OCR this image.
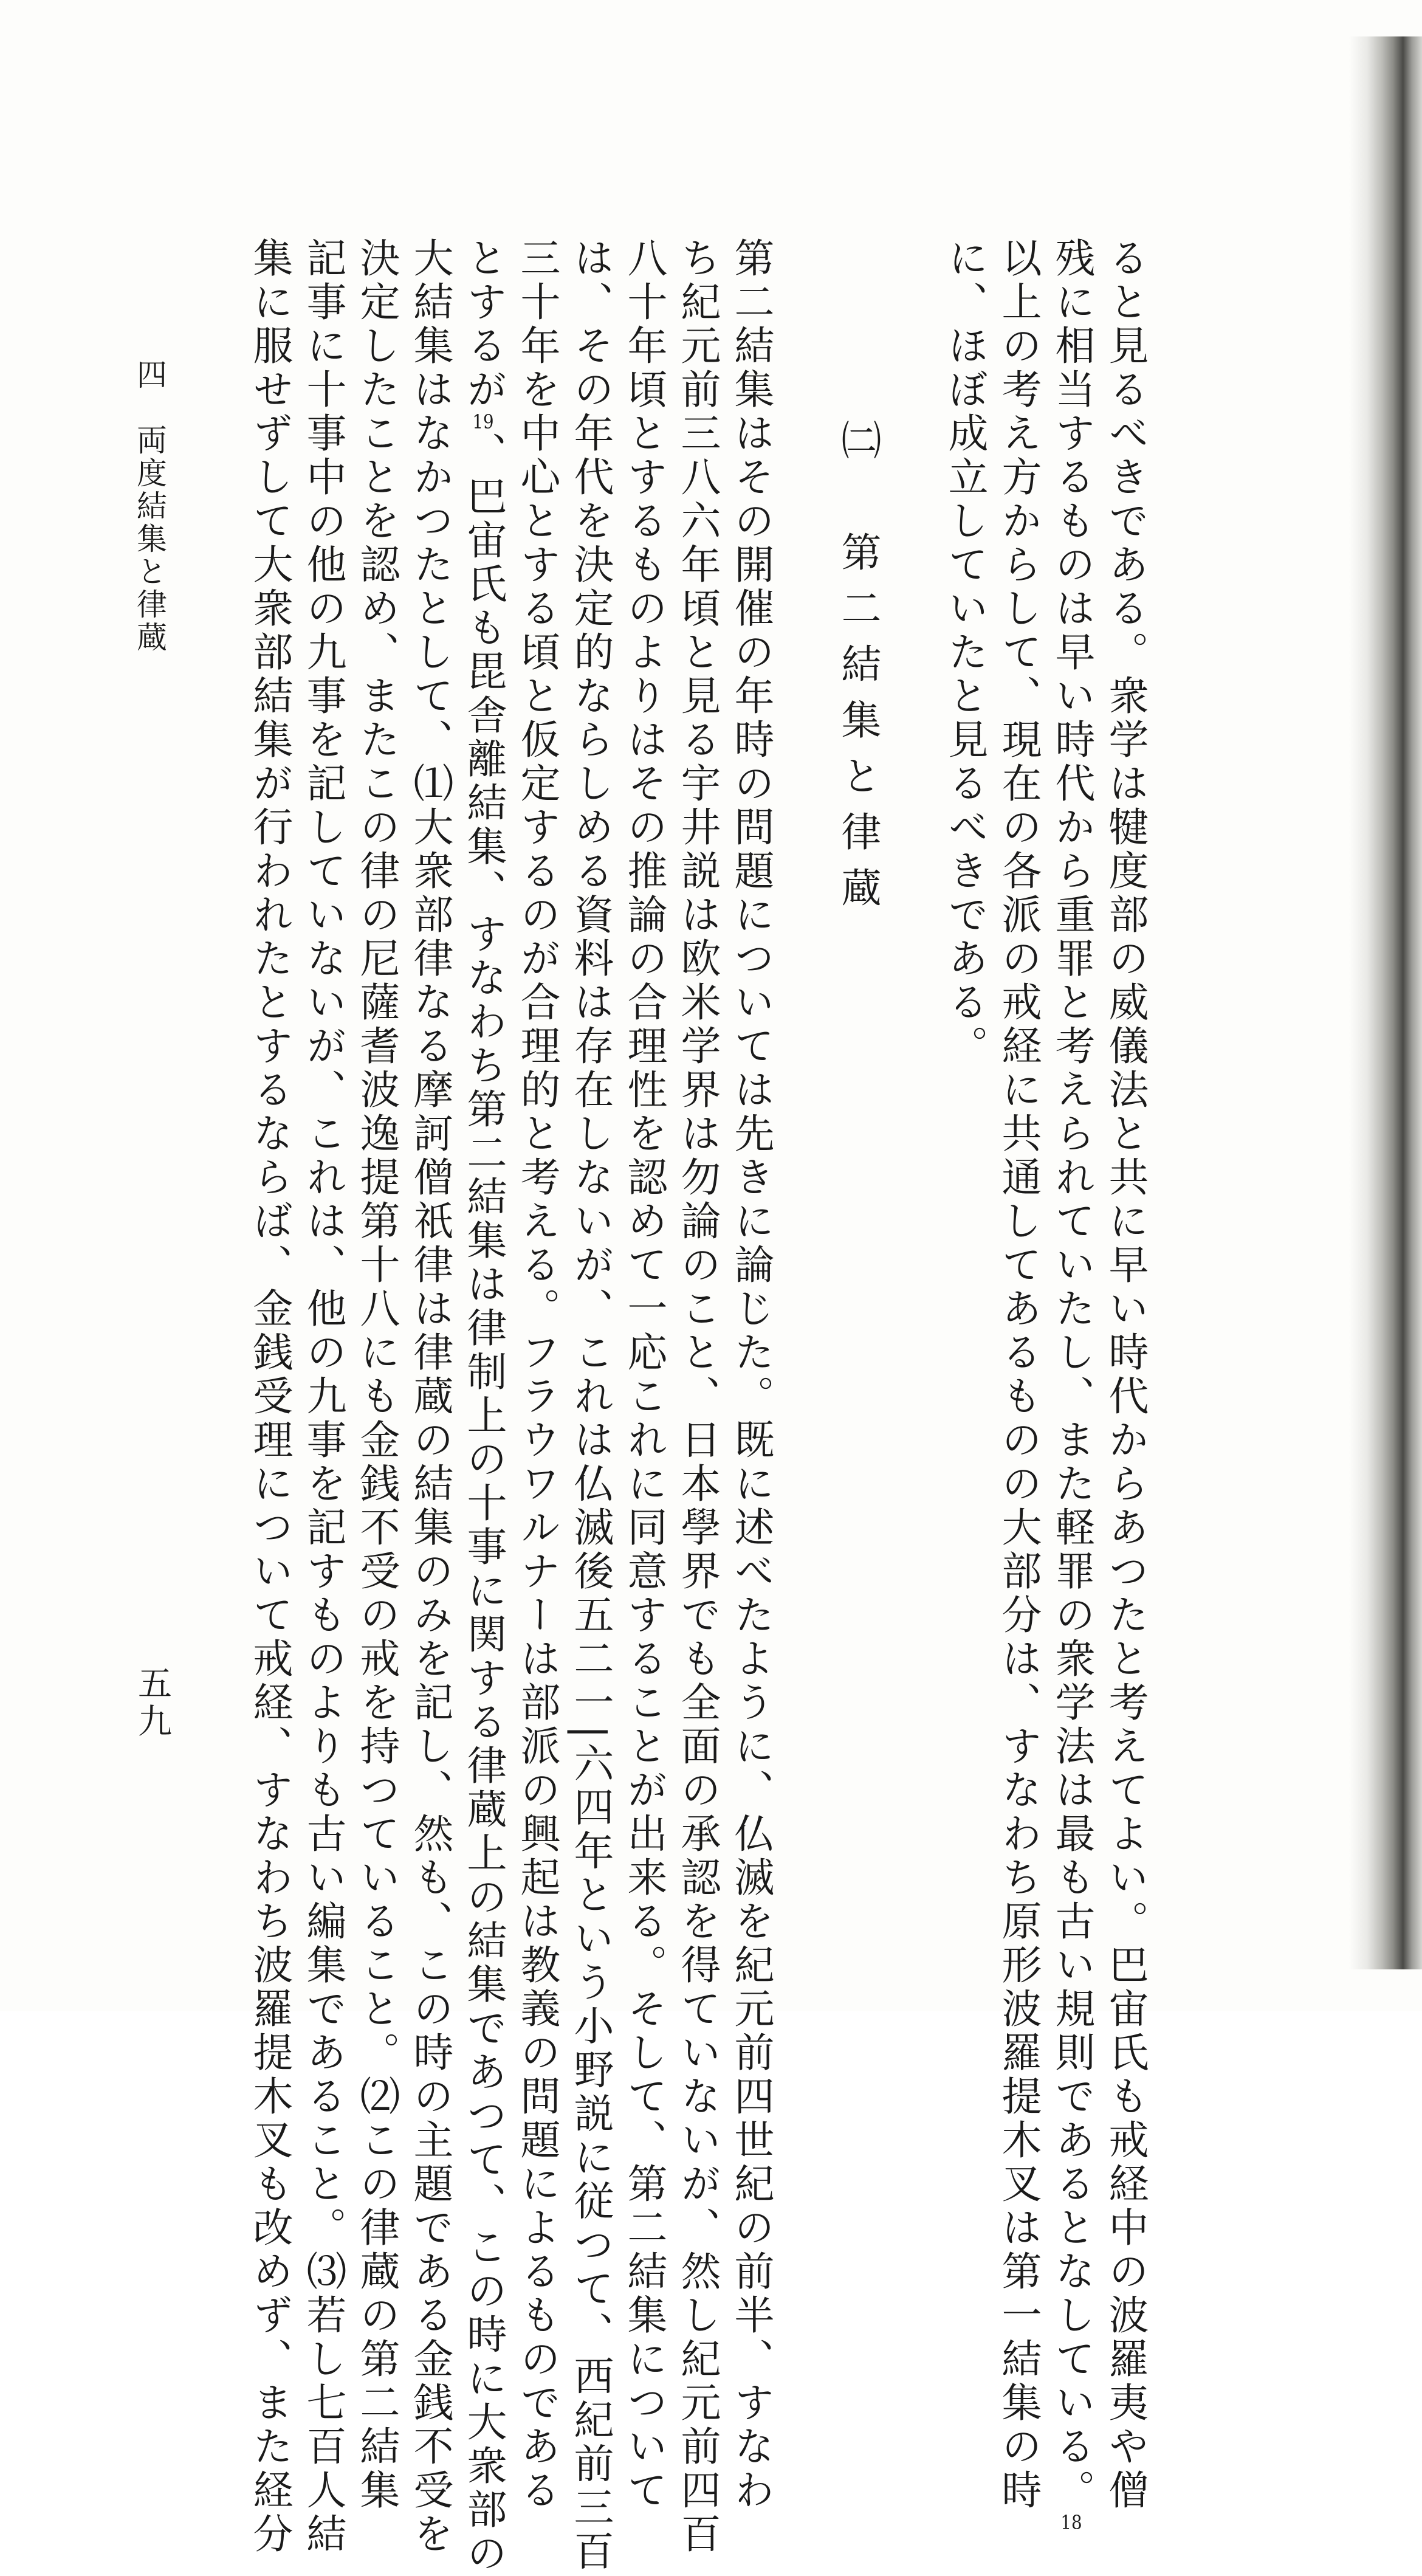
ると見るべきである。衆学は犍度部の威儀法と共に早い時代からあつたと考えてよい。巴宙氏も戒経中の波羅夷や僧
残に相当するものは早い時代から重罪と考えられていたし、また軽罪の衆学法は最も古い規則であるとなしている。18
以上の考え方からして、現在の各派の戒経に共通してあるものの大部分は、すなわち原形波羅提木叉は第一結集の時
に、ほぼ成立していたと見るべきである。
㈡　第二結集と律蔵
第二結集はその開催の年時の問題については先きに論じた。既に述べたように、仏滅を紀元前四世紀の前半、すなわ
ち紀元前三八六年頃と見る宇井説は欧米学界は勿論のこと、日本學界でも全面の承認を得ていないが、然し紀元前四百
八十年頃とするものよりはその推論の合理性を認めて一応これに同意することが出来る。そして、第二結集について
は、その年代を決定的ならしめる資料は存在しないが、これは仏滅後五二一|六四年という小野説に従つて、西紀前三百
三十年を中心とする頃と仮定するのが合理的と考える。フラウワルナーは部派の興起は教義の問題によるものである
とするが19、巴宙氏も毘舎離結集、すなわち第二結集は律制上の十事に関する律蔵上の結集であつて、この時に大衆部の
大結集はなかつたとして、⑴大衆部律なる摩訶僧祇律は律蔵の結集のみを記し、然も、この時の主題である金銭不受を
決定したことを認め、またこの律の尼薩耆波逸提第十八にも金銭不受の戒を持つていること。⑵この律蔵の第二結集
記事に十事中の他の九事を記していないが、これは、他の九事を記すものよりも古い編集であること。⑶若し七百人結
集に服せずして大衆部結集が行われたとするならば、金銭受理について戒経、すなわち波羅提木叉も改めず、また経分
四　両度結集と律蔵
五九
